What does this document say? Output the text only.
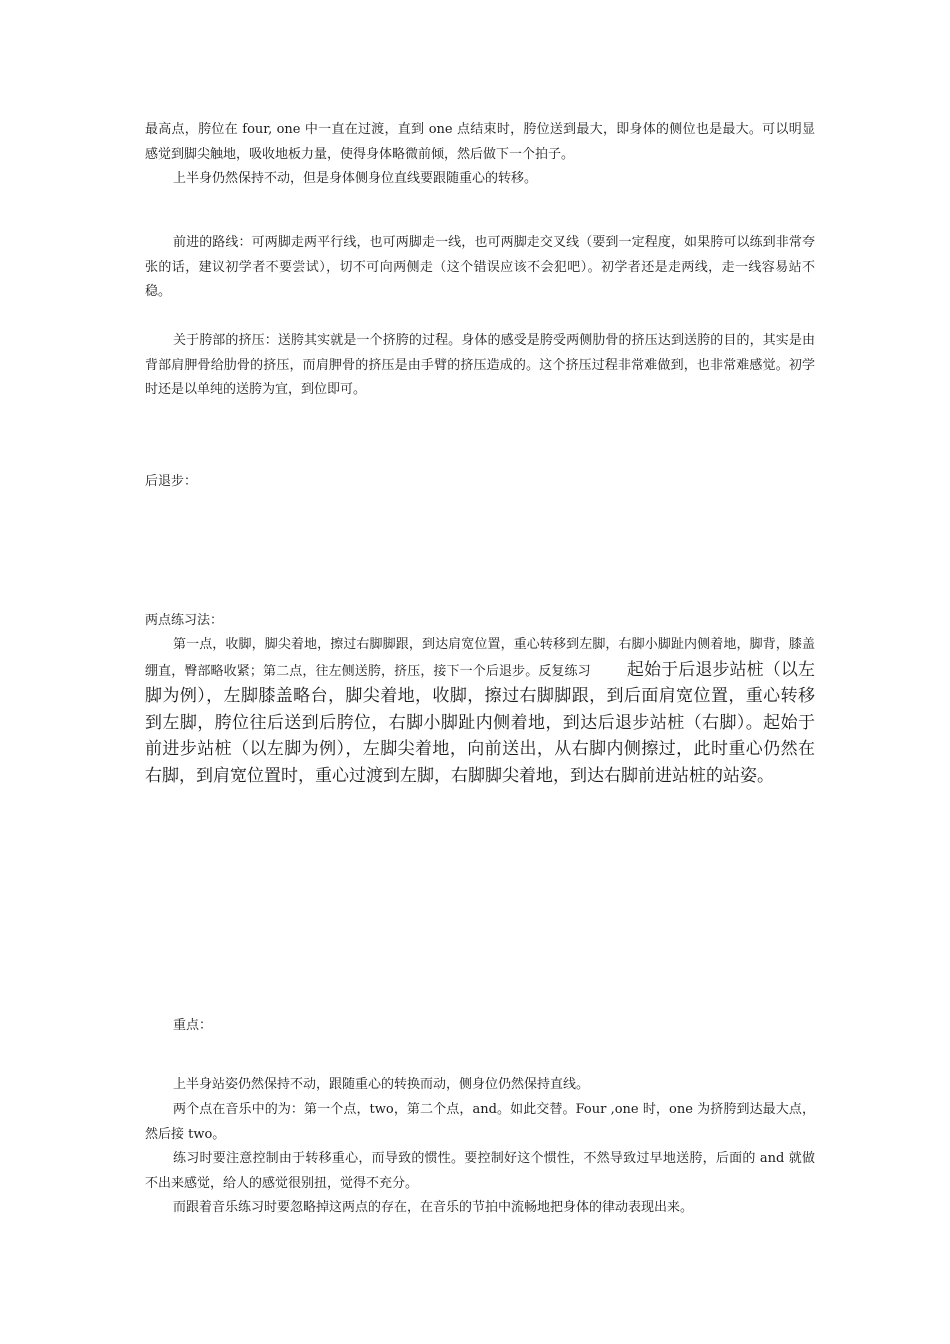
最高点，胯位在 four, one 中一直在过渡，直到 one 点结束时，胯位送到最大，即身体的侧位也是最大。可以明显感觉到脚尖触地，吸收地板力量，使得身体略微前倾，然后做下一个拍子。

上半身仍然保持不动，但是身体侧身位直线要跟随重心的转移。

前进的路线：可两脚走两平行线，也可两脚走一线，也可两脚走交叉线（要到一定程度，如果胯可以练到非常夸张的话，建议初学者不要尝试），切不可向两侧走（这个错误应该不会犯吧）。初学者还是走两线，走一线容易站不稳。

关于胯部的挤压：送胯其实就是一个挤胯的过程。身体的感受是胯受两侧肋骨的挤压达到送胯的目的，其实是由背部肩胛骨给肋骨的挤压，而肩胛骨的挤压是由手臂的挤压造成的。这个挤压过程非常难做到，也非常难感觉。初学时还是以单纯的送胯为宜，到位即可。

后退步：

两点练习法：

第一点，收脚，脚尖着地，擦过右脚脚跟，到达肩宽位置，重心转移到左脚，右脚小脚趾内侧着地，脚背，膝盖绷直，臀部略收紧；第二点，往左侧送胯，挤压，接下一个后退步。反复练习 起始于后退步站桩（以左脚为例），左脚膝盖略台，脚尖着地，收脚，擦过右脚脚跟，到后面肩宽位置，重心转移到左脚，胯位往后送到后胯位，右脚小脚趾内侧着地，到达后退步站桩（右脚）。起始于前进步站桩（以左脚为例），左脚尖着地，向前送出，从右脚内侧擦过，此时重心仍然在右脚，到肩宽位置时，重心过渡到左脚，右脚脚尖着地，到达右脚前进站桩的站姿。

重点：

上半身站姿仍然保持不动，跟随重心的转换而动，侧身位仍然保持直线。

两个点在音乐中的为：第一个点，two，第二个点，and。如此交替。Four ,one 时，one 为挤胯到达最大点，然后接 two。

练习时要注意控制由于转移重心，而导致的惯性。要控制好这个惯性，不然导致过早地送胯，后面的 and 就做不出来感觉，给人的感觉很别扭，觉得不充分。

而跟着音乐练习时要忽略掉这两点的存在，在音乐的节拍中流畅地把身体的律动表现出来。
